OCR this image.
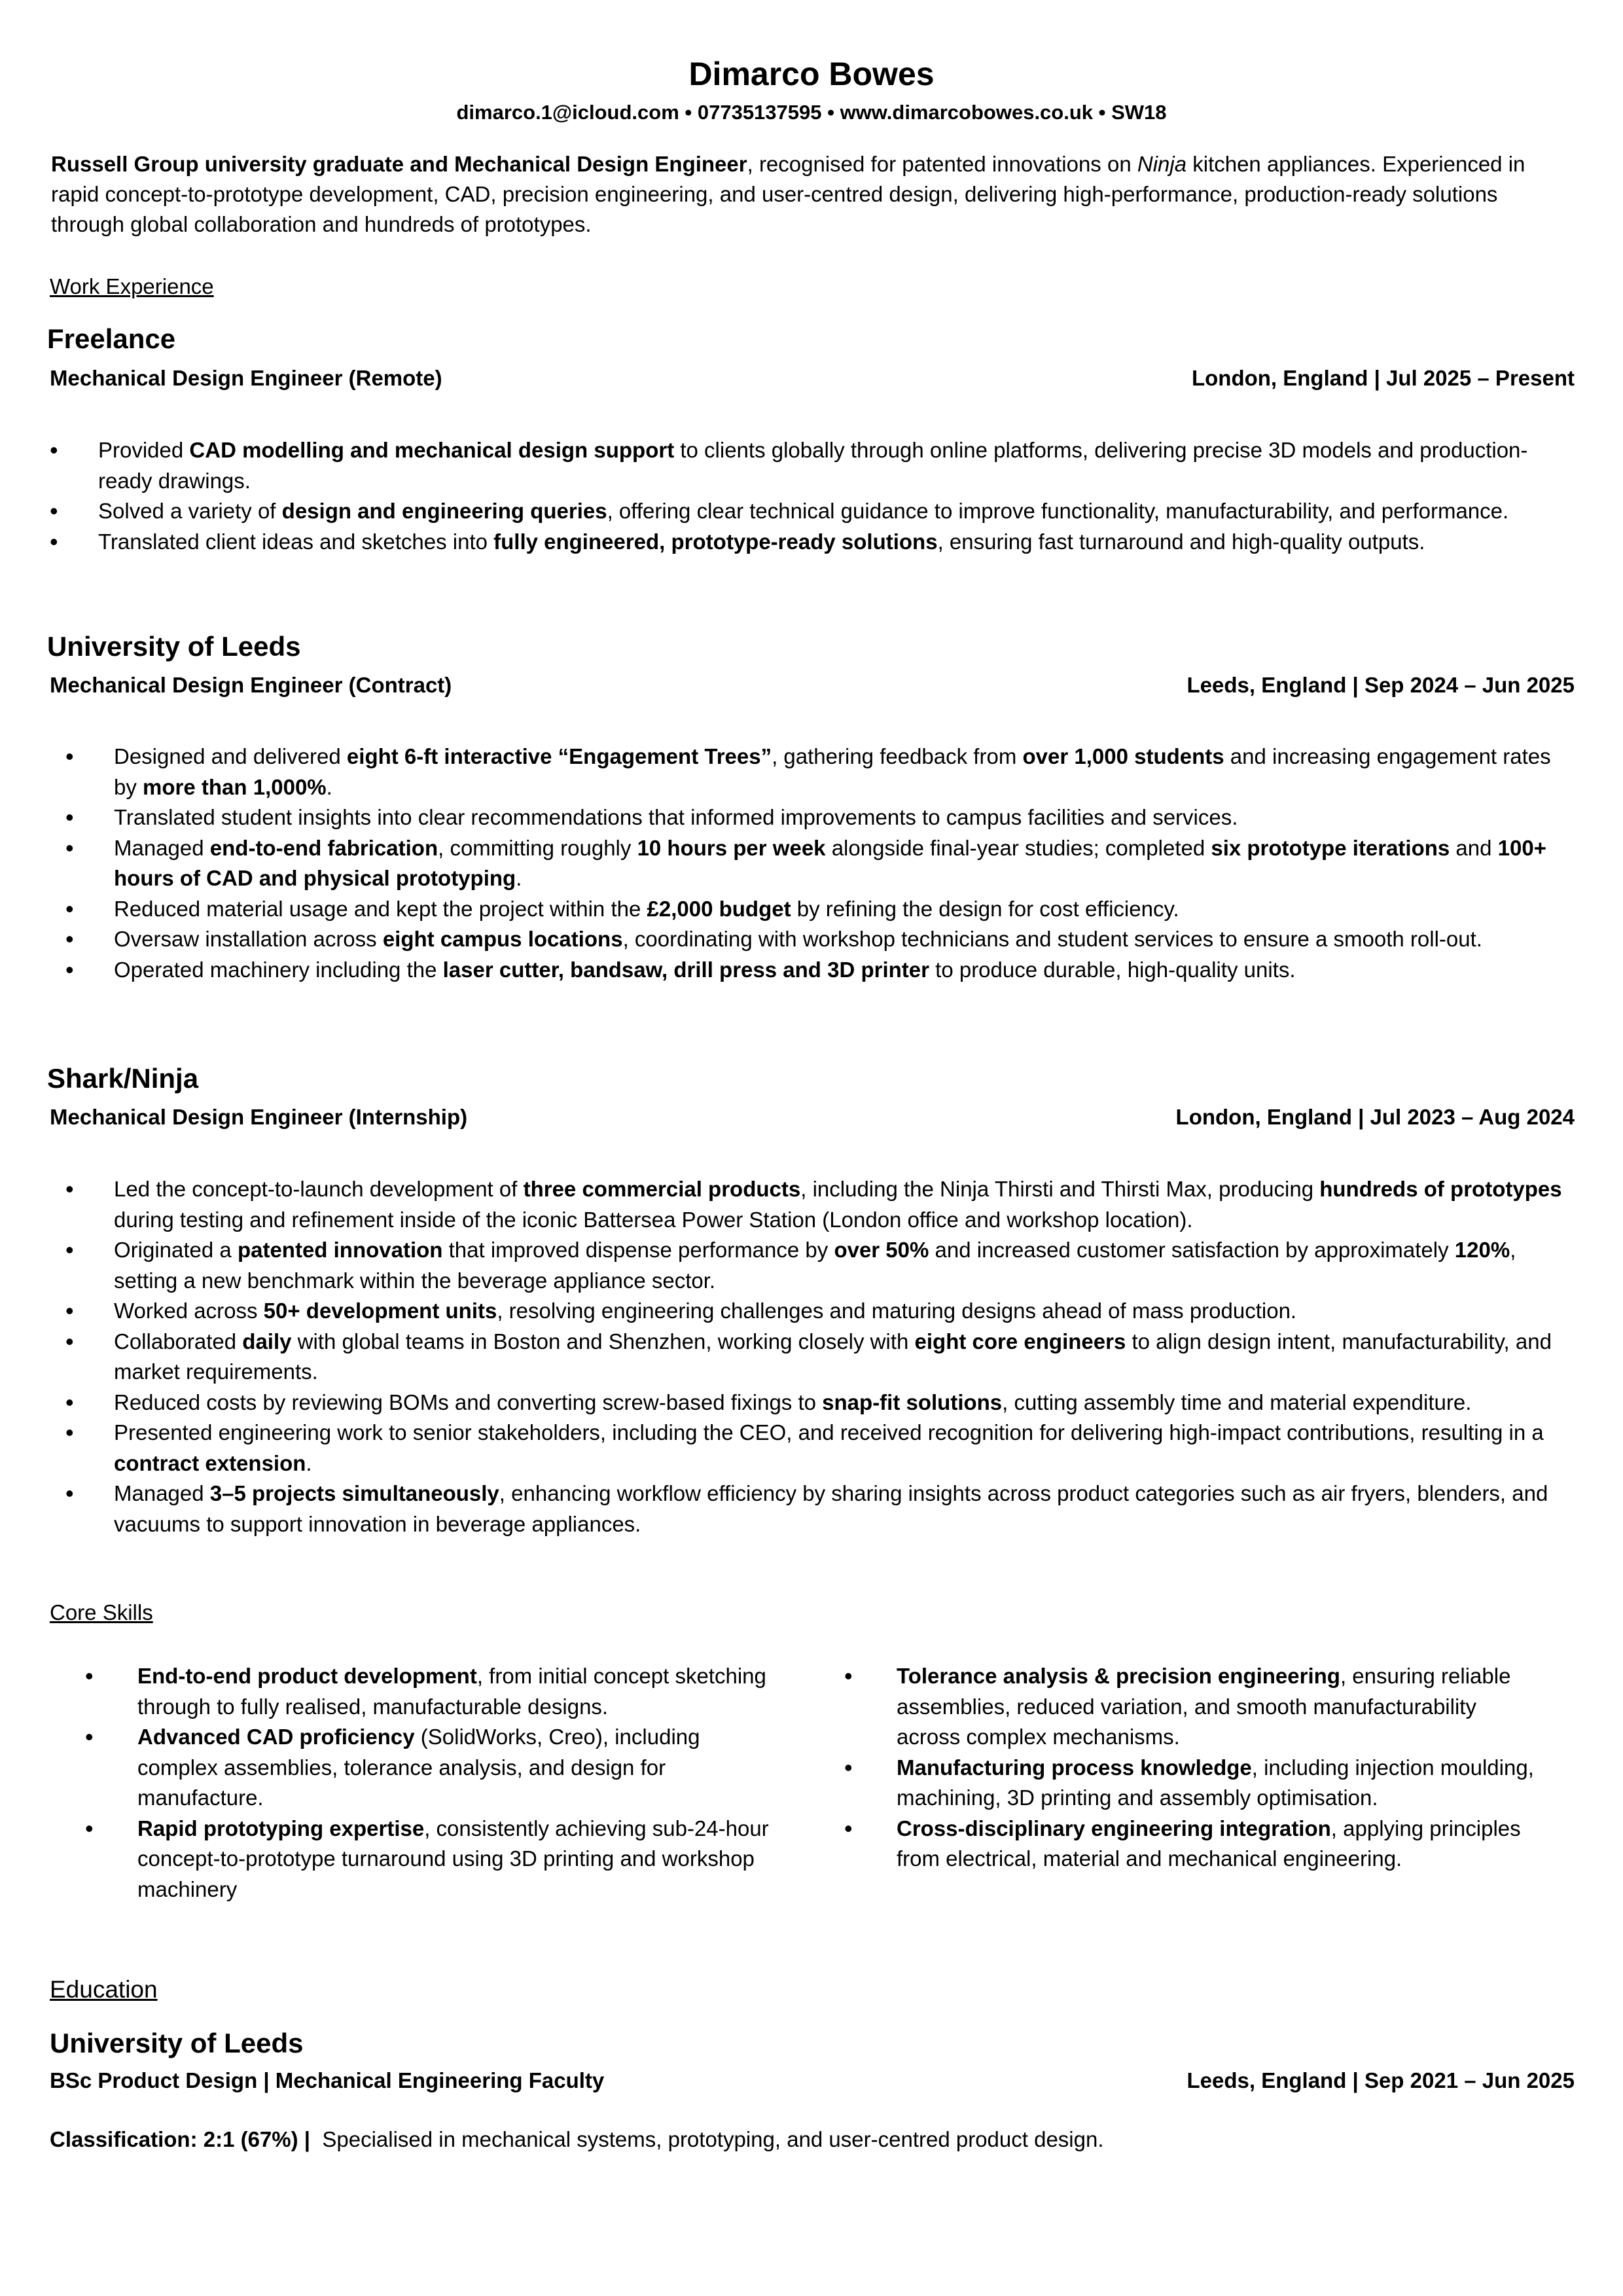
Dimarco Bowes
dimarco.1@icloud.com • 07735137595 • www.dimarcobowes.co.uk • SW18
Russell Group university graduate and Mechanical Design Engineer, recognised for patented innovations on Ninja kitchen appliances. Experienced in rapid concept-to-prototype development, CAD, precision engineering, and user-centred design, delivering high-performance, production-ready solutions through global collaboration and hundreds of prototypes.
Work Experience
Freelance
Mechanical Design Engineer (Remote)	London, England | Jul 2025 – Present
•	Provided CAD modelling and mechanical design support to clients globally through online platforms, delivering precise 3D models and production-ready drawings.
•	Solved a variety of design and engineering queries, offering clear technical guidance to improve functionality, manufacturability, and performance.
•	Translated client ideas and sketches into fully engineered, prototype-ready solutions, ensuring fast turnaround and high-quality outputs.
University of Leeds
Mechanical Design Engineer (Contract)	Leeds, England | Sep 2024 – Jun 2025
•	Designed and delivered eight 6-ft interactive “Engagement Trees”, gathering feedback from over 1,000 students and increasing engagement rates by more than 1,000%.
•	Translated student insights into clear recommendations that informed improvements to campus facilities and services.
•	Managed end-to-end fabrication, committing roughly 10 hours per week alongside final-year studies; completed six prototype iterations and 100+ hours of CAD and physical prototyping.
•	Reduced material usage and kept the project within the £2,000 budget by refining the design for cost efficiency.
•	Oversaw installation across eight campus locations, coordinating with workshop technicians and student services to ensure a smooth roll-out.
•	Operated machinery including the laser cutter, bandsaw, drill press and 3D printer to produce durable, high-quality units.
Shark/Ninja
Mechanical Design Engineer (Internship)	London, England | Jul 2023 – Aug 2024
•	Led the concept-to-launch development of three commercial products, including the Ninja Thirsti and Thirsti Max, producing hundreds of prototypes during testing and refinement inside of the iconic Battersea Power Station (London office and workshop location).
•	Originated a patented innovation that improved dispense performance by over 50% and increased customer satisfaction by approximately 120%, setting a new benchmark within the beverage appliance sector.
•	Worked across 50+ development units, resolving engineering challenges and maturing designs ahead of mass production.
•	Collaborated daily with global teams in Boston and Shenzhen, working closely with eight core engineers to align design intent, manufacturability, and market requirements.
•	Reduced costs by reviewing BOMs and converting screw-based fixings to snap-fit solutions, cutting assembly time and material expenditure.
•	Presented engineering work to senior stakeholders, including the CEO, and received recognition for delivering high-impact contributions, resulting in a contract extension.
•	Managed 3–5 projects simultaneously, enhancing workflow efficiency by sharing insights across product categories such as air fryers, blenders, and vacuums to support innovation in beverage appliances.
Core Skills
•	End-to-end product development, from initial concept sketching through to fully realised, manufacturable designs.
•	Advanced CAD proficiency (SolidWorks, Creo), including complex assemblies, tolerance analysis, and design for manufacture.
•	Rapid prototyping expertise, consistently achieving sub-24-hour concept-to-prototype turnaround using 3D printing and workshop machinery
•	Tolerance analysis & precision engineering, ensuring reliable assemblies, reduced variation, and smooth manufacturability across complex mechanisms.
•	Manufacturing process knowledge, including injection moulding, machining, 3D printing and assembly optimisation.
•	Cross-disciplinary engineering integration, applying principles from electrical, material and mechanical engineering.
Education
University of Leeds
BSc Product Design | Mechanical Engineering Faculty	Leeds, England | Sep 2021 – Jun 2025
Classification: 2:1 (67%) | Specialised in mechanical systems, prototyping, and user-centred product design.
